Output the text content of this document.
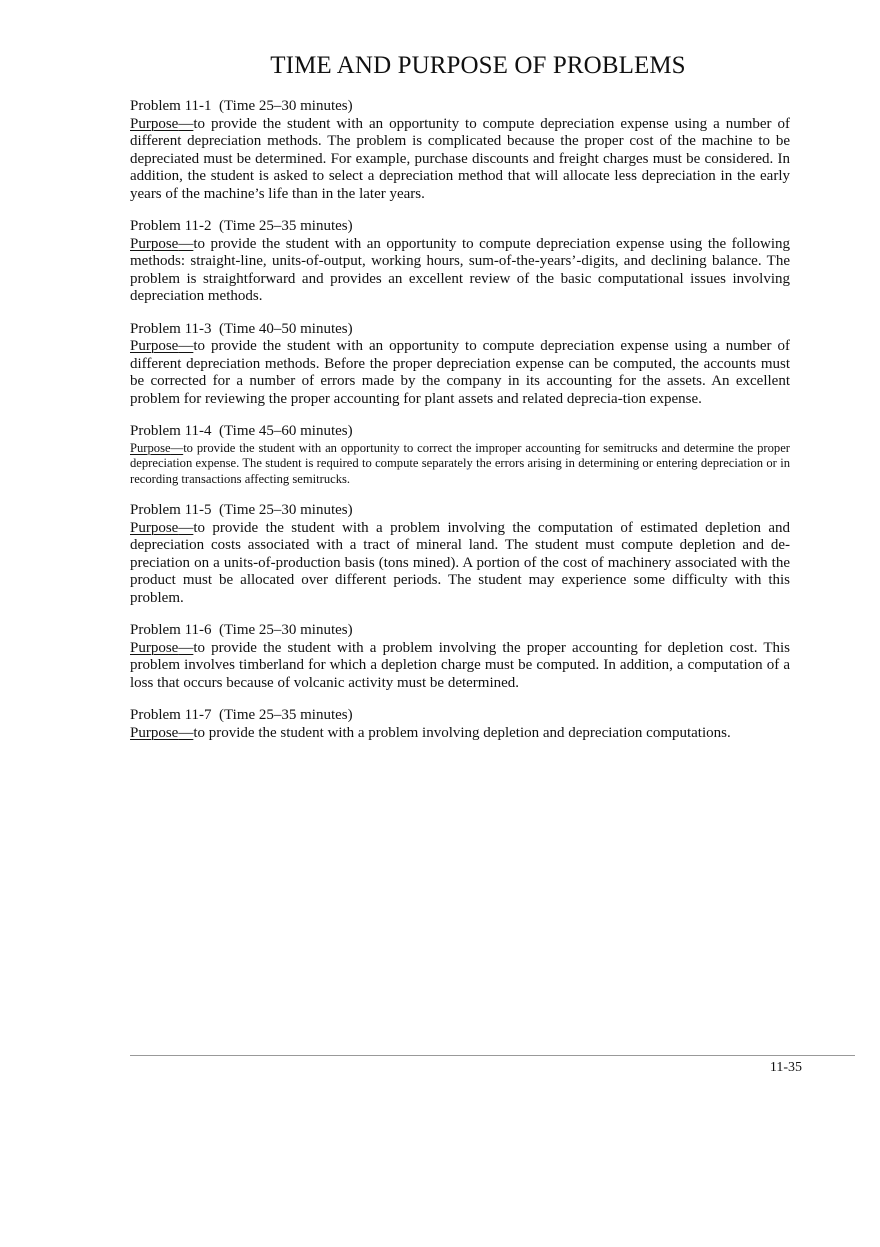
TIME AND PURPOSE OF PROBLEMS
Problem 11-1  (Time 25–30 minutes)
Purpose—to provide the student with an opportunity to compute depreciation expense using a number of different depreciation methods. The problem is complicated because the proper cost of the machine to be depreciated must be determined. For example, purchase discounts and freight charges must be considered. In addition, the student is asked to select a depreciation method that will allocate less depreciation in the early years of the machine’s life than in the later years.
Problem 11-2  (Time 25–35 minutes)
Purpose—to provide the student with an opportunity to compute depreciation expense using the following methods: straight-line, units-of-output, working hours, sum-of-the-years’-digits, and declining balance. The problem is straightforward and provides an excellent review of the basic computational issues involving depreciation methods.
Problem 11-3  (Time 40–50 minutes)
Purpose—to provide the student with an opportunity to compute depreciation expense using a number of different depreciation methods. Before the proper depreciation expense can be computed, the accounts must be corrected for a number of errors made by the company in its accounting for the assets. An excellent problem for reviewing the proper accounting for plant assets and related deprecia-tion expense.
Problem 11-4  (Time 45–60 minutes)
Purpose—to provide the student with an opportunity to correct the improper accounting for semitrucks and determine the proper depreciation expense. The student is required to compute separately the errors arising in determining or entering depreciation or in recording transactions affecting semitrucks.
Problem 11-5  (Time 25–30 minutes)
Purpose—to provide the student with a problem involving the computation of estimated depletion and depreciation costs associated with a tract of mineral land. The student must compute depletion and de-preciation on a units-of-production basis (tons mined). A portion of the cost of machinery associated with the product must be allocated over different periods. The student may experience some difficulty with this problem.
Problem 11-6  (Time 25–30 minutes)
Purpose—to provide the student with a problem involving the proper accounting for depletion cost. This problem involves timberland for which a depletion charge must be computed. In addition, a computation of a loss that occurs because of volcanic activity must be determined.
Problem 11-7  (Time 25–35 minutes)
Purpose—to provide the student with a problem involving depletion and depreciation computations.
11-35
